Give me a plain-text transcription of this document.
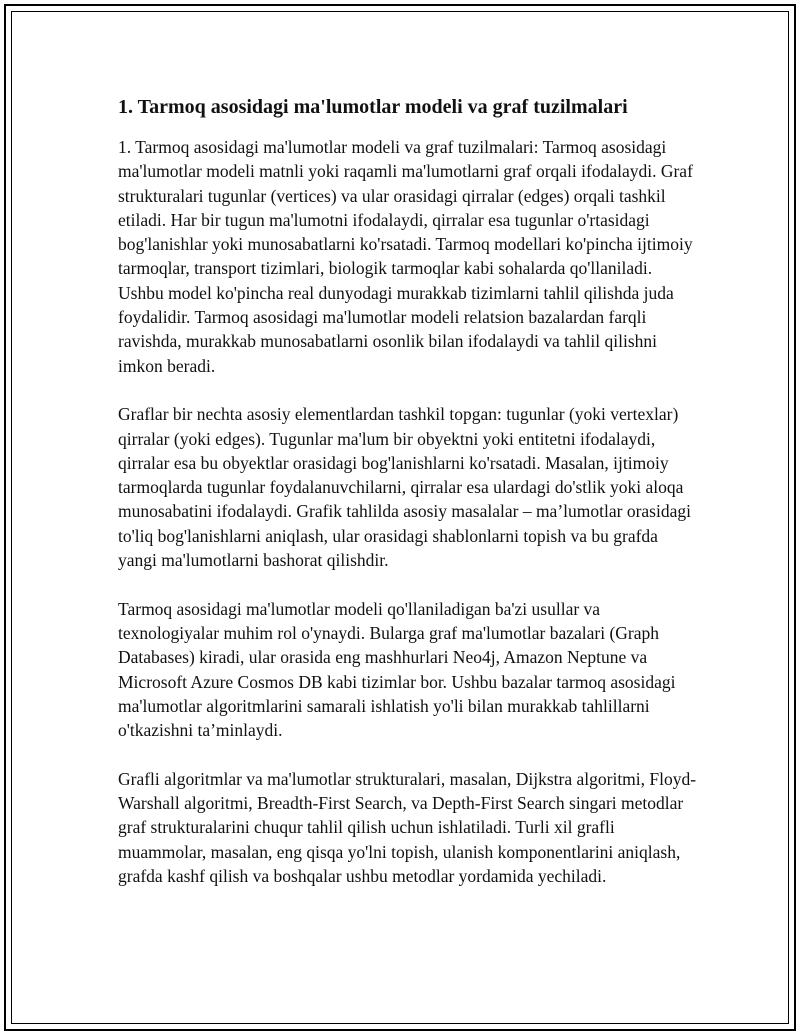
1. Tarmoq asosidagi ma'lumotlar modeli va graf tuzilmalari

1. Tarmoq asosidagi ma'lumotlar modeli va graf tuzilmalari: Tarmoq asosidagi ma'lumotlar modeli matnli yoki raqamli ma'lumotlarni graf orqali ifodalaydi. Graf strukturalari tugunlar (vertices) va ular orasidagi qirralar (edges) orqali tashkil etiladi. Har bir tugun ma'lumotni ifodalaydi, qirralar esa tugunlar o'rtasidagi bog'lanishlar yoki munosabatlarni ko'rsatadi. Tarmoq modellari ko'pincha ijtimoiy tarmoqlar, transport tizimlari, biologik tarmoqlar kabi sohalarda qo'llaniladi. Ushbu model ko'pincha real dunyodagi murakkab tizimlarni tahlil qilishda juda foydalidir. Tarmoq asosidagi ma'lumotlar modeli relatsion bazalardan farqli ravishda, murakkab munosabatlarni osonlik bilan ifodalaydi va tahlil qilishni imkon beradi.

Graflar bir nechta asosiy elementlardan tashkil topgan: tugunlar (yoki vertexlar) qirralar (yoki edges). Tugunlar ma'lum bir obyektni yoki entitetni ifodalaydi, qirralar esa bu obyektlar orasidagi bog'lanishlarni ko'rsatadi. Masalan, ijtimoiy tarmoqlarda tugunlar foydalanuvchilarni, qirralar esa ulardagi do'stlik yoki aloqa munosabatini ifodalaydi. Grafik tahlilda asosiy masalalar – ma’lumotlar orasidagi to'liq bog'lanishlarni aniqlash, ular orasidagi shablonlarni topish va bu grafda yangi ma'lumotlarni bashorat qilishdir.

Tarmoq asosidagi ma'lumotlar modeli qo'llaniladigan ba'zi usullar va texnologiyalar muhim rol o'ynaydi. Bularga graf ma'lumotlar bazalari (Graph Databases) kiradi, ular orasida eng mashhurlari Neo4j, Amazon Neptune va Microsoft Azure Cosmos DB kabi tizimlar bor. Ushbu bazalar tarmoq asosidagi ma'lumotlar algoritmlarini samarali ishlatish yo'li bilan murakkab tahlillarni o'tkazishni ta’minlaydi.

Grafli algoritmlar va ma'lumotlar strukturalari, masalan, Dijkstra algoritmi, Floyd-Warshall algoritmi, Breadth-First Search, va Depth-First Search singari metodlar graf strukturalarini chuqur tahlil qilish uchun ishlatiladi. Turli xil grafli muammolar, masalan, eng qisqa yo'lni topish, ulanish komponentlarini aniqlash, grafda kashf qilish va boshqalar ushbu metodlar yordamida yechiladi.
